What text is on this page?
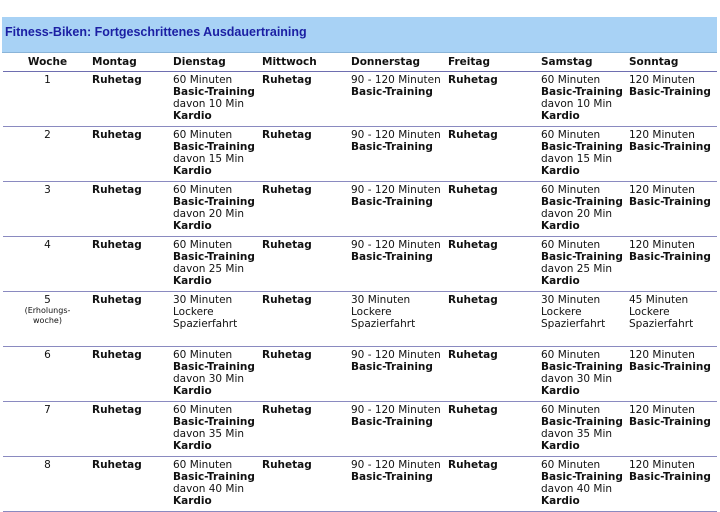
Fitness-Biken: Fortgeschrittenes Ausdauertraining
Woche	Montag	Dienstag	Mittwoch	Donnerstag	Freitag	Samstag	Sonntag

1	Ruhetag	60 Minuten
Basic-Training
davon 10 Min
Kardio	Ruhetag	90 - 120 Minuten
Basic-Training	Ruhetag	60 Minuten
Basic-Training
davon 10 Min
Kardio	120 Minuten
Basic-Training

2	Ruhetag	60 Minuten
Basic-Training
davon 15 Min
Kardio	Ruhetag	90 - 120 Minuten
Basic-Training	Ruhetag	60 Minuten
Basic-Training
davon 15 Min
Kardio	120 Minuten
Basic-Training

3	Ruhetag	60 Minuten
Basic-Training
davon 20 Min
Kardio	Ruhetag	90 - 120 Minuten
Basic-Training	Ruhetag	60 Minuten
Basic-Training
davon 20 Min
Kardio	120 Minuten
Basic-Training

4	Ruhetag	60 Minuten
Basic-Training
davon 25 Min
Kardio	Ruhetag	90 - 120 Minuten
Basic-Training	Ruhetag	60 Minuten
Basic-Training
davon 25 Min
Kardio	120 Minuten
Basic-Training

5
(Erholungs-
woche)	Ruhetag	30 Minuten
Lockere
Spazierfahrt	Ruhetag	30 Minuten
Lockere
Spazierfahrt	Ruhetag	30 Minuten
Lockere
Spazierfahrt	45 Minuten
Lockere
Spazierfahrt

6	Ruhetag	60 Minuten
Basic-Training
davon 30 Min
Kardio	Ruhetag	90 - 120 Minuten
Basic-Training	Ruhetag	60 Minuten
Basic-Training
davon 30 Min
Kardio	120 Minuten
Basic-Training

7	Ruhetag	60 Minuten
Basic-Training
davon 35 Min
Kardio	Ruhetag	90 - 120 Minuten
Basic-Training	Ruhetag	60 Minuten
Basic-Training
davon 35 Min
Kardio	120 Minuten
Basic-Training

8	Ruhetag	60 Minuten
Basic-Training
davon 40 Min
Kardio	Ruhetag	90 - 120 Minuten
Basic-Training	Ruhetag	60 Minuten
Basic-Training
davon 40 Min
Kardio	120 Minuten
Basic-Training
